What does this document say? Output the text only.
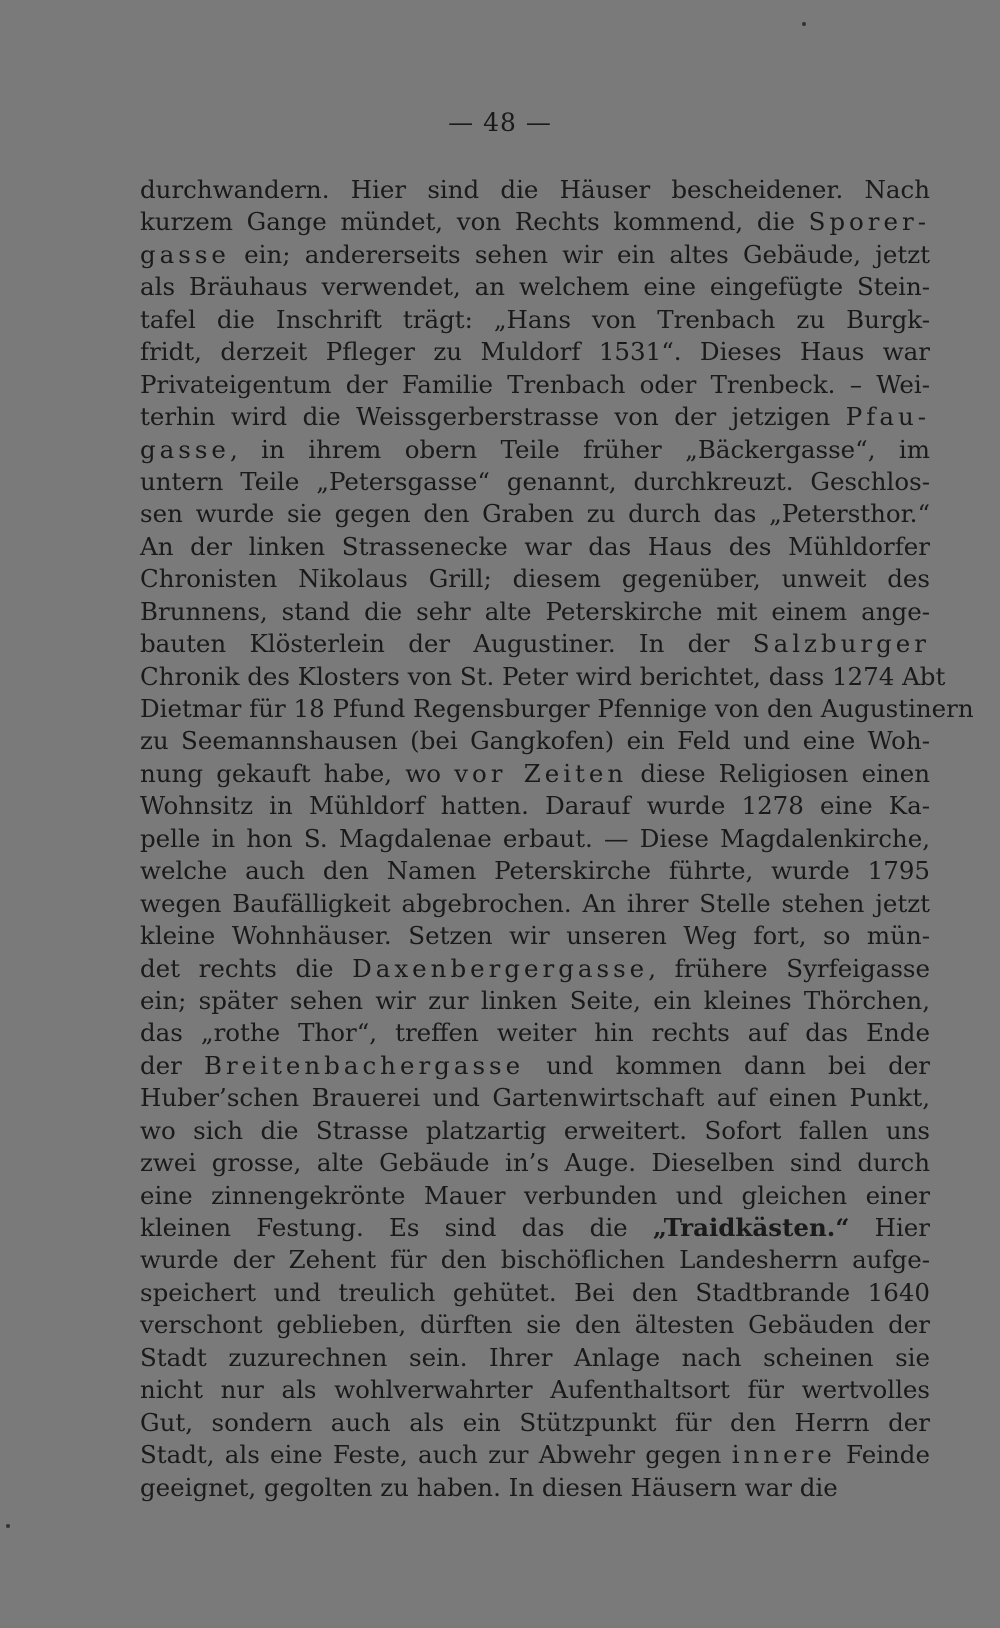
— 48 —
durchwandern. Hier sind die Häuser bescheidener. Nach
kurzem Gange mündet, von Rechts kommend, die Sporer-
gasse ein; andererseits sehen wir ein altes Gebäude, jetzt
als Bräuhaus verwendet, an welchem eine eingefügte Stein-
tafel die Inschrift trägt: „Hans von Trenbach zu Burgk-
fridt, derzeit Pfleger zu Muldorf 1531“. Dieses Haus war
Privateigentum der Familie Trenbach oder Trenbeck. – Wei-
terhin wird die Weissgerberstrasse von der jetzigen Pfau-
gasse, in ihrem obern Teile früher „Bäckergasse“, im
untern Teile „Petersgasse“ genannt, durchkreuzt. Geschlos-
sen wurde sie gegen den Graben zu durch das „Petersthor.“
An der linken Strassenecke war das Haus des Mühldorfer
Chronisten Nikolaus Grill; diesem gegenüber, unweit des
Brunnens, stand die sehr alte Peterskirche mit einem ange-
bauten Klösterlein der Augustiner. In der Salzburger
Chronik des Klosters von St. Peter wird berichtet, dass 1274 Abt
Dietmar für 18 Pfund Regensburger Pfennige von den Augustinern
zu Seemannshausen (bei Gangkofen) ein Feld und eine Woh-
nung gekauft habe, wo vor Zeiten diese Religiosen einen
Wohnsitz in Mühldorf hatten. Darauf wurde 1278 eine Ka-
pelle in hon S. Magdalenae erbaut. — Diese Magdalenkirche,
welche auch den Namen Peterskirche führte, wurde 1795
wegen Baufälligkeit abgebrochen. An ihrer Stelle stehen jetzt
kleine Wohnhäuser. Setzen wir unseren Weg fort, so mün-
det rechts die Daxenbergergasse, frühere Syrfeigasse
ein; später sehen wir zur linken Seite, ein kleines Thörchen,
das „rothe Thor“, treffen weiter hin rechts auf das Ende
der Breitenbachergasse und kommen dann bei der
Huber’schen Brauerei und Gartenwirtschaft auf einen Punkt,
wo sich die Strasse platzartig erweitert. Sofort fallen uns
zwei grosse, alte Gebäude in’s Auge. Dieselben sind durch
eine zinnengekrönte Mauer verbunden und gleichen einer
kleinen Festung. Es sind das die „Traidkästen.“ Hier
wurde der Zehent für den bischöflichen Landesherrn aufge-
speichert und treulich gehütet. Bei den Stadtbrande 1640
verschont geblieben, dürften sie den ältesten Gebäuden der
Stadt zuzurechnen sein. Ihrer Anlage nach scheinen sie
nicht nur als wohlverwahrter Aufenthaltsort für wertvolles
Gut, sondern auch als ein Stützpunkt für den Herrn der
Stadt, als eine Feste, auch zur Abwehr gegen innere Feinde
geeignet, gegolten zu haben. In diesen Häusern war die
